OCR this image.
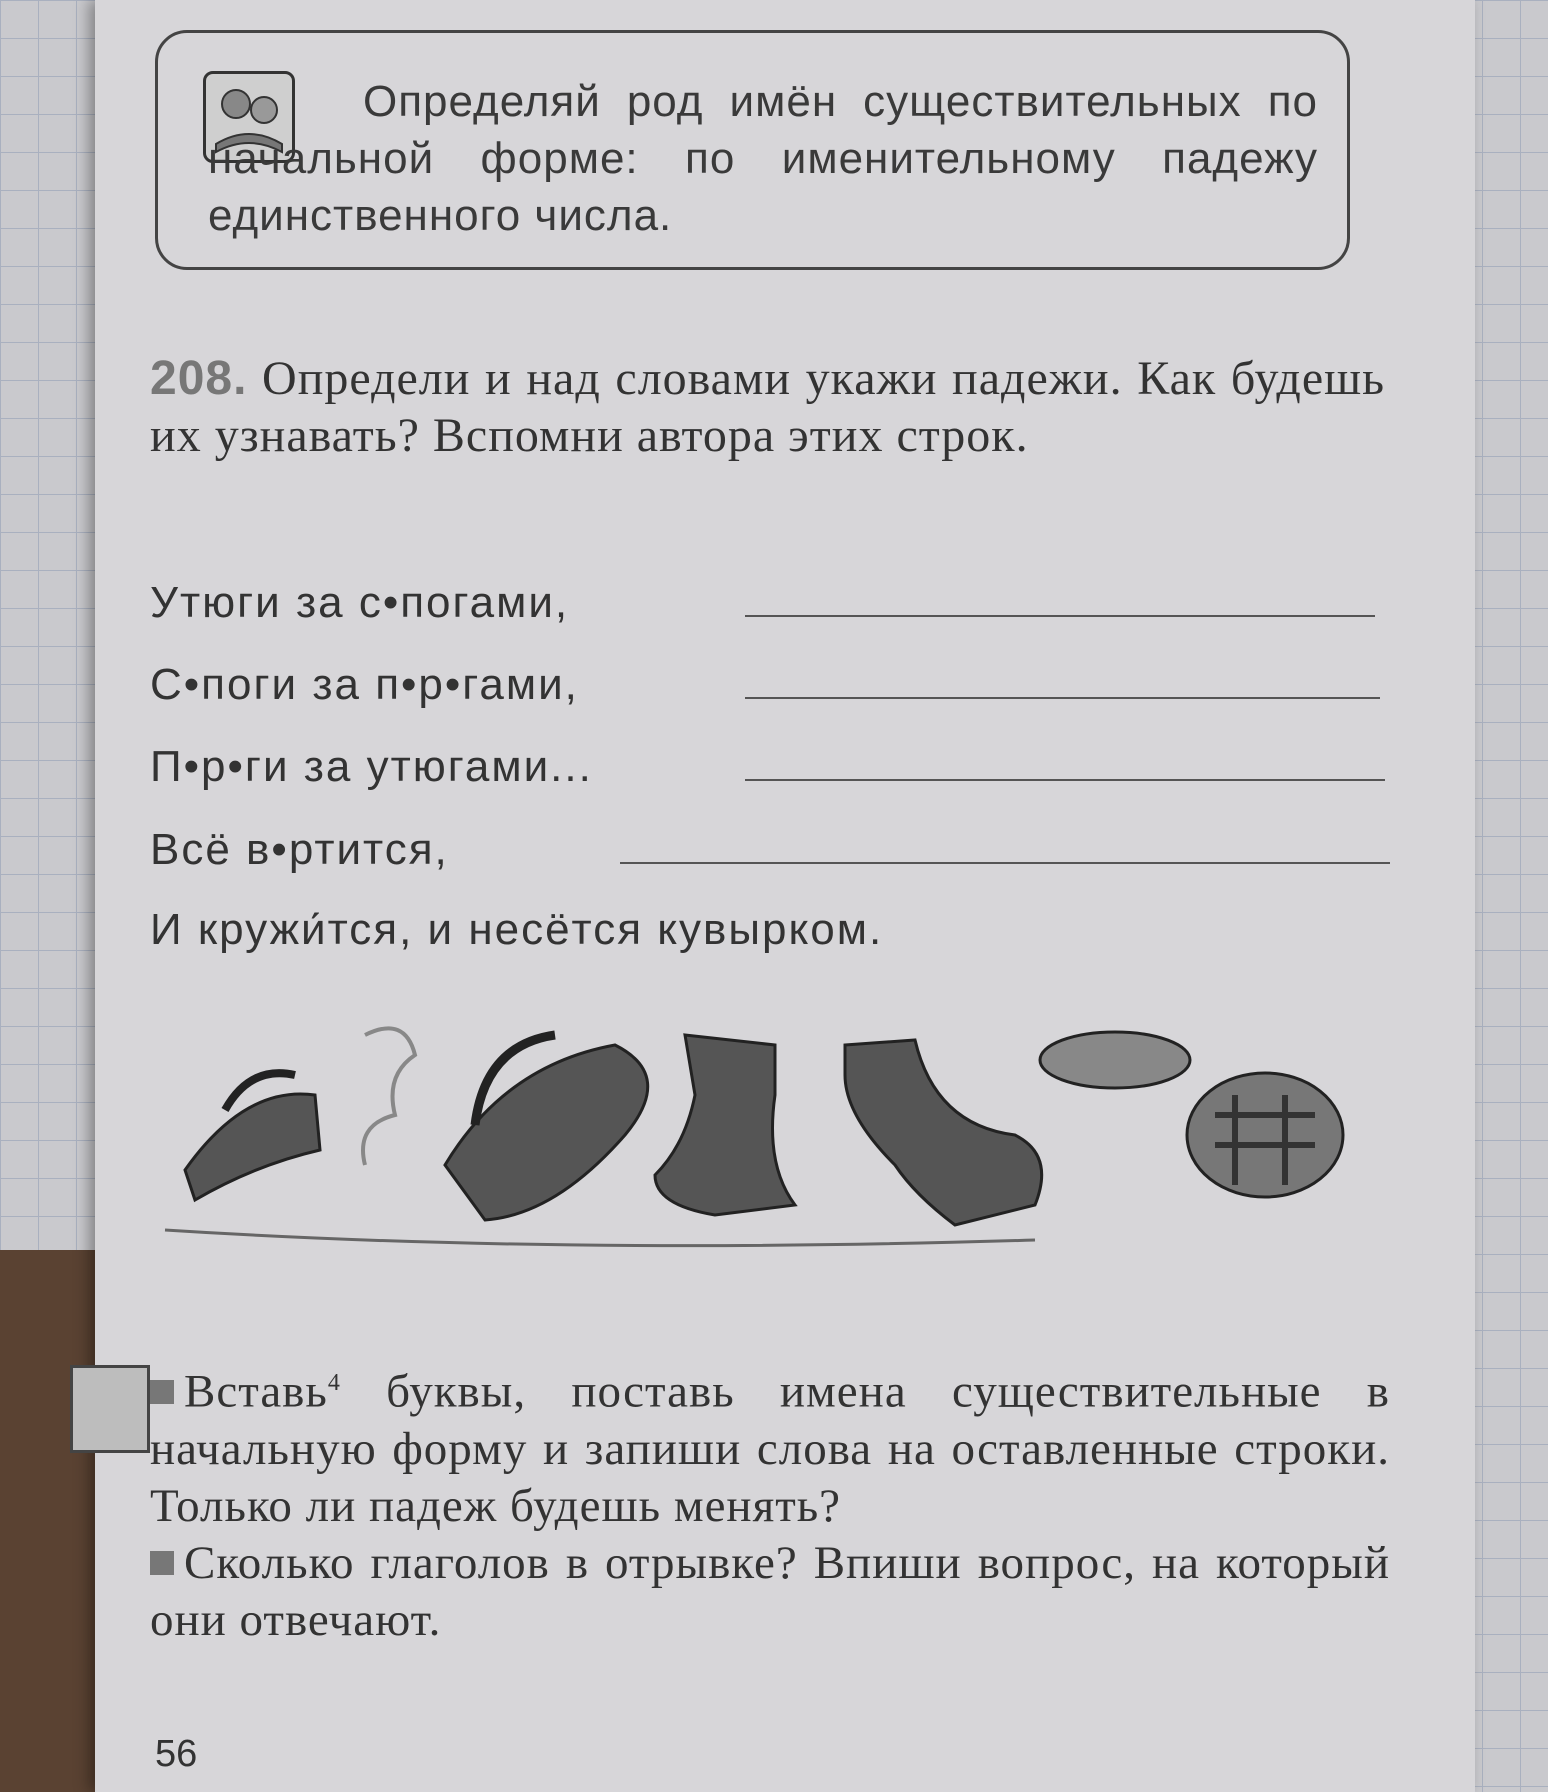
Определяй род имён существительных по начальной форме: по именительному падежу единственного числа.
208. Определи и над словами укажи падежи. Как будешь их узнавать? Вспомни автора этих строк.
Утюги за с•погами,
С•поги за п•р•гами,
П•р•ги за утюгами...
Всё в•ртится,
И кружи́тся, и несётся кувырком.
Вставь$^4$ буквы, поставь имена существительные в начальную форму и запиши слова на оставленные строки. Только ли падеж будешь менять?
Сколько глаголов в отрывке? Впиши вопрос, на который они отвечают.
56
